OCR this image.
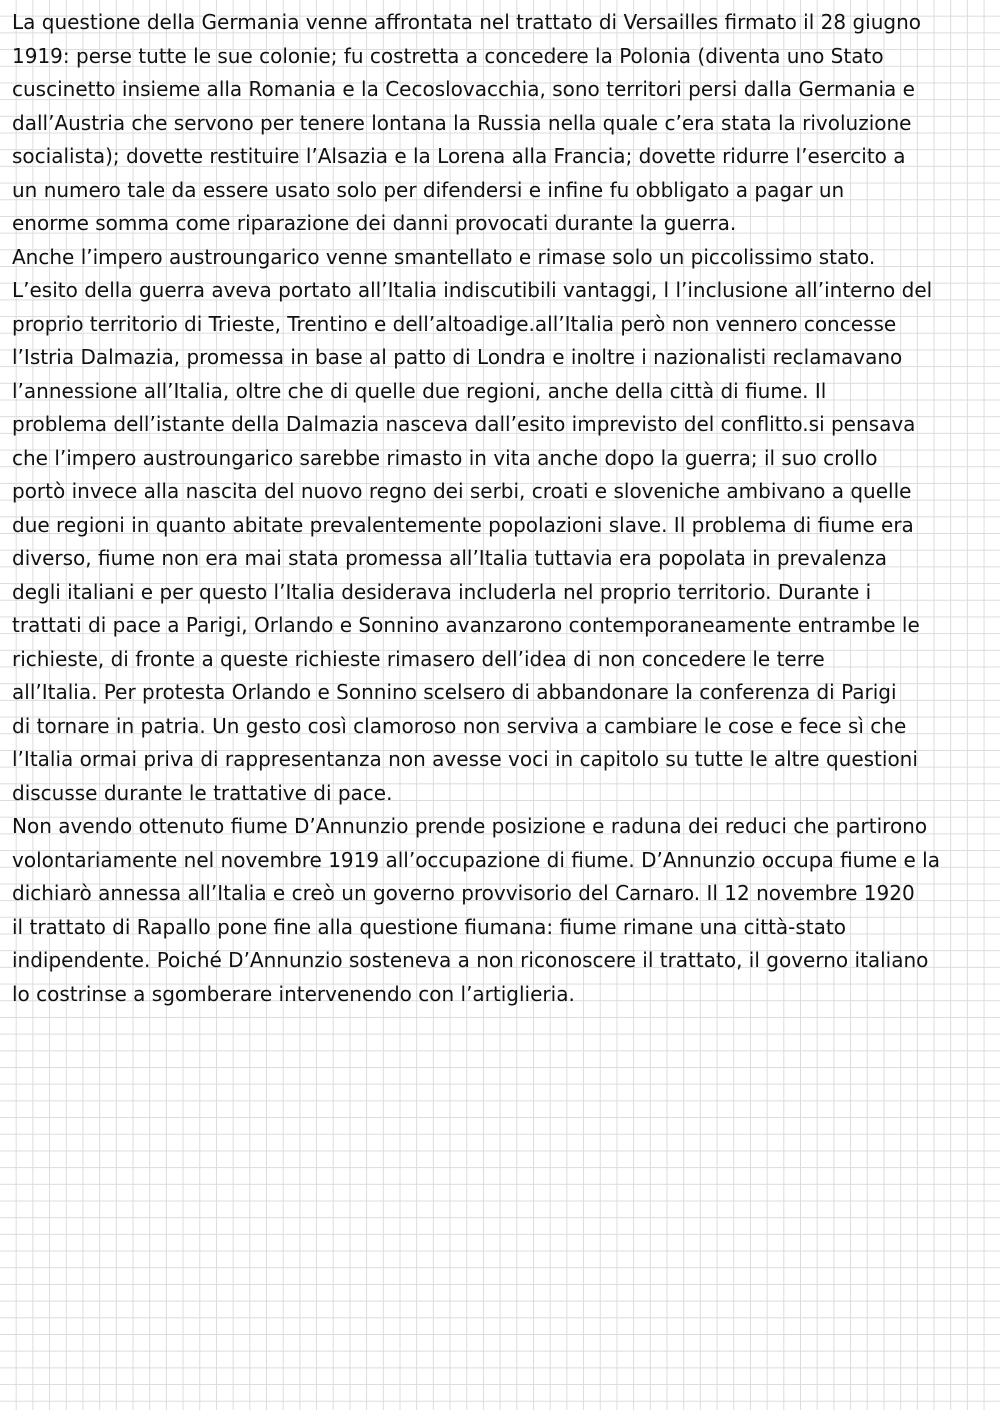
La questione della Germania venne affrontata nel trattato di Versailles firmato il 28 giugno
1919: perse tutte le sue colonie; fu costretta a concedere la Polonia (diventa uno Stato
cuscinetto insieme alla Romania e la Cecoslovacchia, sono territori persi dalla Germania e
dall’Austria che servono per tenere lontana la Russia nella quale c’era stata la rivoluzione
socialista); dovette restituire l’Alsazia e la Lorena alla Francia; dovette ridurre l’esercito a
un numero tale da essere usato solo per difendersi e infine fu obbligato a pagar un
enorme somma come riparazione dei danni provocati durante la guerra.
Anche l’impero austroungarico venne smantellato e rimase solo un piccolissimo stato.
L’esito della guerra aveva portato all’Italia indiscutibili vantaggi, l l’inclusione all’interno del
proprio territorio di Trieste, Trentino e dell’altoadige.all’Italia però non vennero concesse
l’Istria Dalmazia, promessa in base al patto di Londra e inoltre i nazionalisti reclamavano
l’annessione all’Italia, oltre che di quelle due regioni, anche della città di fiume. Il
problema dell’istante della Dalmazia nasceva dall’esito imprevisto del conflitto.si pensava
che l’impero austroungarico sarebbe rimasto in vita anche dopo la guerra; il suo crollo
portò invece alla nascita del nuovo regno dei serbi, croati e sloveniche ambivano a quelle
due regioni in quanto abitate prevalentemente popolazioni slave. Il problema di fiume era
diverso, fiume non era mai stata promessa all’Italia tuttavia era popolata in prevalenza
degli italiani e per questo l’Italia desiderava includerla nel proprio territorio. Durante i
trattati di pace a Parigi, Orlando e Sonnino avanzarono contemporaneamente entrambe le
richieste, di fronte a queste richieste rimasero dell’idea di non concedere le terre
all’Italia. Per protesta Orlando e Sonnino scelsero di abbandonare la conferenza di Parigi
di tornare in patria. Un gesto così clamoroso non serviva a cambiare le cose e fece sì che
l’Italia ormai priva di rappresentanza non avesse voci in capitolo su tutte le altre questioni
discusse durante le trattative di pace.
Non avendo ottenuto fiume D’Annunzio prende posizione e raduna dei reduci che partirono
volontariamente nel novembre 1919 all’occupazione di fiume. D’Annunzio occupa fiume e la
dichiarò annessa all’Italia e creò un governo provvisorio del Carnaro. Il 12 novembre 1920
il trattato di Rapallo pone fine alla questione fiumana: fiume rimane una città-stato
indipendente. Poiché D’Annunzio sosteneva a non riconoscere il trattato, il governo italiano
lo costrinse a sgomberare intervenendo con l’artiglieria.
